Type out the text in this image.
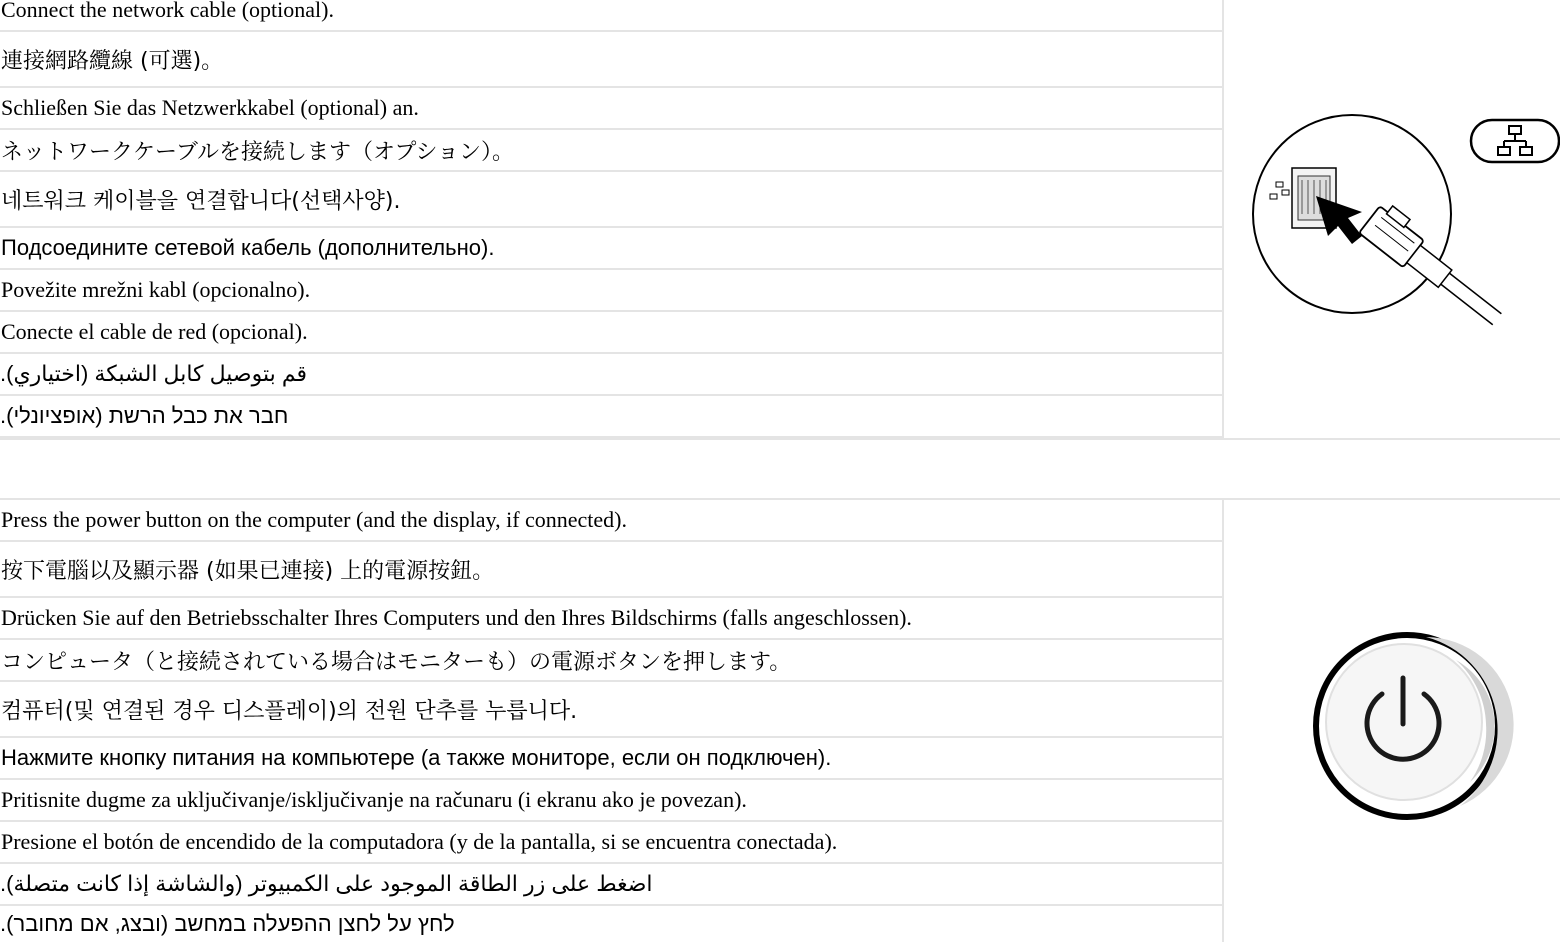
Connect the network cable (optional).
連接網路纜線 (可選)。
Schließen Sie das Netzwerkkabel (optional) an.
ネットワークケーブルを接続します（オプション）。
네트워크 케이블을 연결합니다(선택사양).
Подсоедините сетевой кабель (дополнительно).
Povežite mrežni kabl (opcionalno).
Conecte el cable de red (opcional).
قم بتوصيل كابل الشبكة (اختياري).
חבר את כבל הרשת (אופציונלי).
Press the power button on the computer (and the display, if connected).
按下電腦以及顯示器 (如果已連接) 上的電源按鈕。
Drücken Sie auf den Betriebsschalter Ihres Computers und den Ihres Bildschirms (falls angeschlossen).
コンピュータ（と接続されている場合はモニターも）の電源ボタンを押します。
컴퓨터(및 연결된 경우 디스플레이)의 전원 단추를 누릅니다.
Нажмите кнопку питания на компьютере (а также мониторе, если он подключен).
Pritisnite dugme za uključivanje/isključivanje na računaru (i ekranu ako je povezan).
Presione el botón de encendido de la computadora (y de la pantalla, si se encuentra conectada).
اضغط على زر الطاقة الموجود على الكمبيوتر (والشاشة إذا كانت متصلة).
לחץ על לחצן ההפעלה במחשב (ובצג, אם מחובר).
